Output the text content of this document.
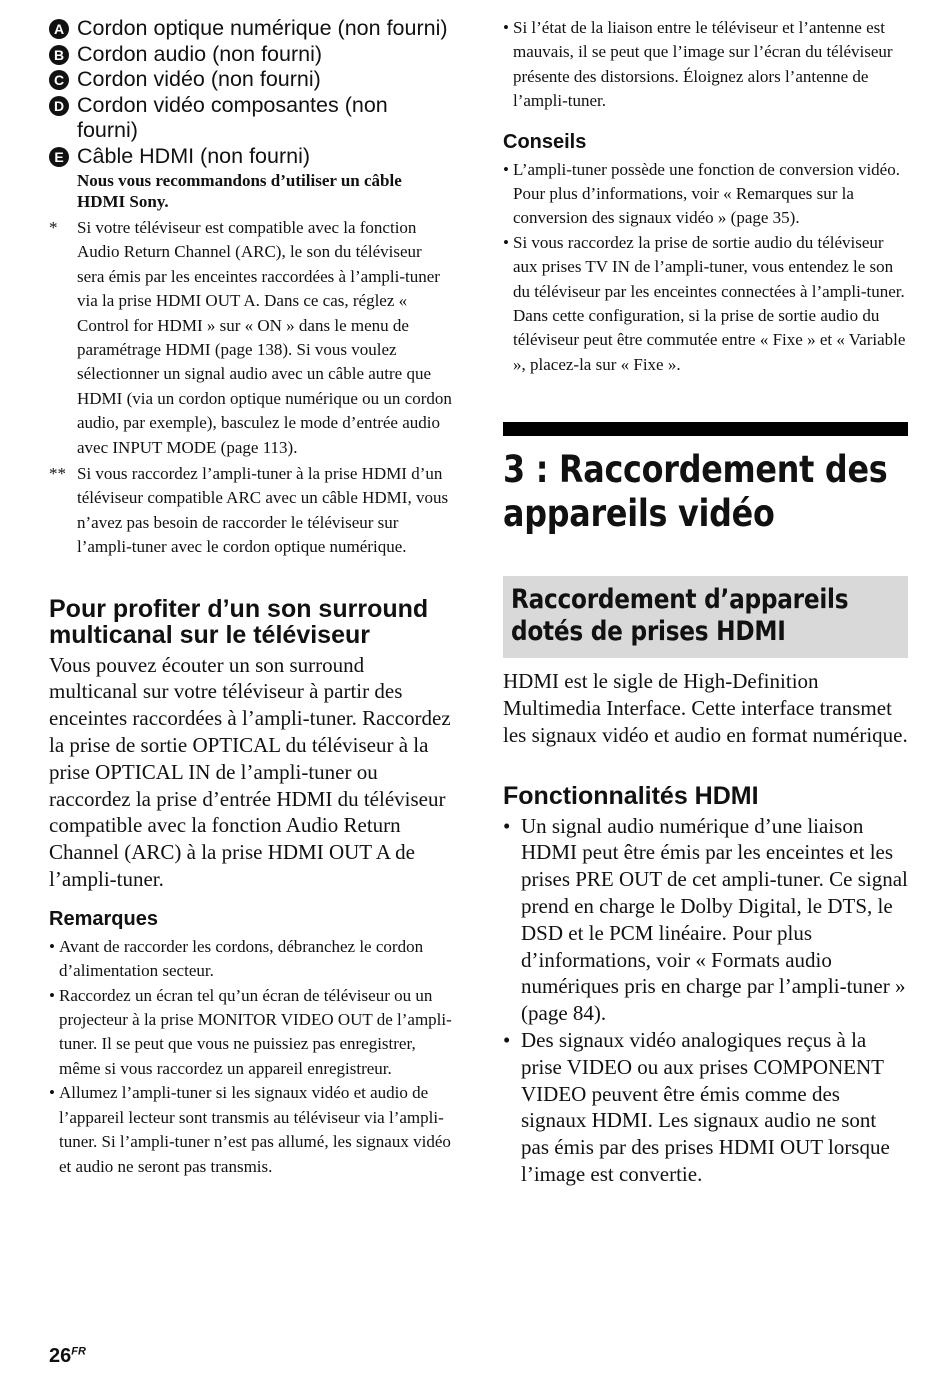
A Cordon optique numérique (non fourni)
B Cordon audio (non fourni)
C Cordon vidéo (non fourni)
D Cordon vidéo composantes (non fourni)
E Câble HDMI (non fourni)
Nous vous recommandons d’utiliser un câble HDMI Sony.
*	Si votre téléviseur est compatible avec la fonction Audio Return Channel (ARC), le son du téléviseur sera émis par les enceintes raccordées à l’ampli-tuner via la prise HDMI OUT A. Dans ce cas, réglez « Control for HDMI » sur « ON » dans le menu de paramétrage HDMI (page 138). Si vous voulez sélectionner un signal audio avec un câble autre que HDMI (via un cordon optique numérique ou un cordon audio, par exemple), basculez le mode d’entrée audio avec INPUT MODE (page 113).
** Si vous raccordez l’ampli-tuner à la prise HDMI d’un téléviseur compatible ARC avec un câble HDMI, vous n’avez pas besoin de raccorder le téléviseur sur l’ampli-tuner avec le cordon optique numérique.
Pour profiter d’un son surround multicanal sur le téléviseur

Vous pouvez écouter un son surround multicanal sur votre téléviseur à partir des enceintes raccordées à l’ampli-tuner. Raccordez la prise de sortie OPTICAL du téléviseur à la prise OPTICAL IN de l’ampli-tuner ou raccordez la prise d’entrée HDMI du téléviseur compatible avec la fonction Audio Return Channel (ARC) à la prise HDMI OUT A de l’ampli-tuner.

Remarques
• Avant de raccorder les cordons, débranchez le cordon d’alimentation secteur.
• Raccordez un écran tel qu’un écran de téléviseur ou un projecteur à la prise MONITOR VIDEO OUT de l’ampli-tuner. Il se peut que vous ne puissiez pas enregistrer, même si vous raccordez un appareil enregistreur.
• Allumez l’ampli-tuner si les signaux vidéo et audio de l’appareil lecteur sont transmis au téléviseur via l’ampli-tuner. Si l’ampli-tuner n’est pas allumé, les signaux vidéo et audio ne seront pas transmis.
• Si l’état de la liaison entre le téléviseur et l’antenne est mauvais, il se peut que l’image sur l’écran du téléviseur présente des distorsions. Éloignez alors l’antenne de l’ampli-tuner.
Conseils
• L’ampli-tuner possède une fonction de conversion vidéo. Pour plus d’informations, voir « Remarques sur la conversion des signaux vidéo » (page 35).
• Si vous raccordez la prise de sortie audio du téléviseur aux prises TV IN de l’ampli-tuner, vous entendez le son du téléviseur par les enceintes connectées à l’ampli-tuner. Dans cette configuration, si la prise de sortie audio du téléviseur peut être commutée entre « Fixe » et « Variable », placez-la sur « Fixe ».
3 : Raccordement des appareils vidéo
Raccordement d’appareils dotés de prises HDMI

HDMI est le sigle de High-Definition Multimedia Interface. Cette interface transmet les signaux vidéo et audio en format numérique.

Fonctionnalités HDMI
• Un signal audio numérique d’une liaison HDMI peut être émis par les enceintes et les prises PRE OUT de cet ampli-tuner. Ce signal prend en charge le Dolby Digital, le DTS, le DSD et le PCM linéaire. Pour plus d’informations, voir « Formats audio numériques pris en charge par l’ampli-tuner » (page 84).
• Des signaux vidéo analogiques reçus à la prise VIDEO ou aux prises COMPONENT VIDEO peuvent être émis comme des signaux HDMI. Les signaux audio ne sont pas émis par des prises HDMI OUT lorsque l’image est convertie.
$26^{FR}$
